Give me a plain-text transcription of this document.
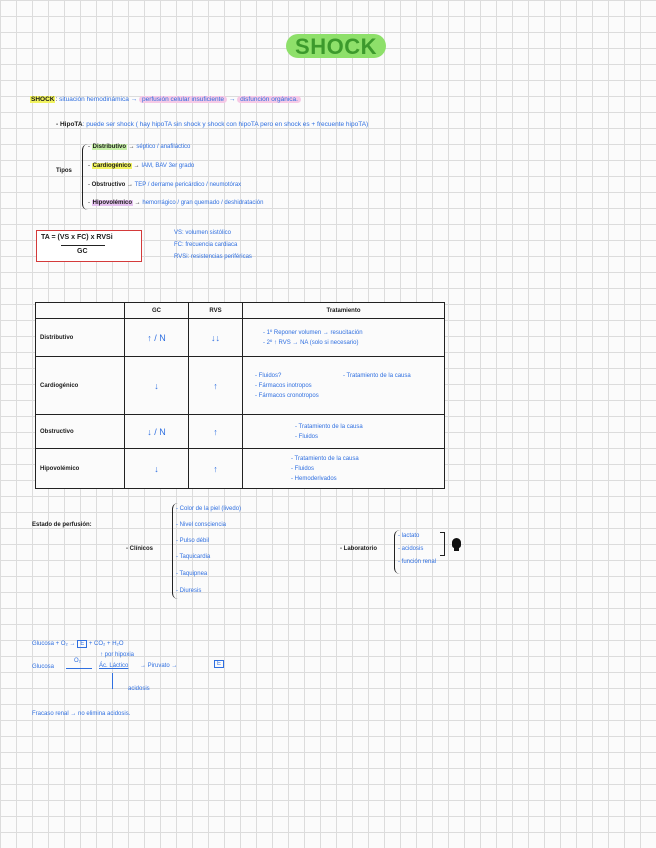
SHOCK
SHOCK: situación hemodinámica → perfusión celular insuficiente → disfunción orgánica.
- HipoTA: puede ser shock ( hay hipoTA sin shock y shock con hipoTA pero en shock es + frecuente hipoTA)
Tipos
- Distributivo → séptico / anafiláctico
- Cardiogénico → IAM, BAV 3er grado
- Obstructivo → TEP / derrame pericárdico / neumotórax
- Hipovolémico → hemorrágico / gran quemado / deshidratación
TA = (VS x FC) x RVSi
GC
VS: volumen sistólico
FC: frecuencia cardiaca
RVSi: resistencias periféricas
	GC	RVS	Tratamiento
Distributivo	↑ / N	↓↓	- 1º Reponer volumen → resucitación
- 2º ↑ RVS → NA (solo si necesario)

Cardiogénico	↓	↑	- Fluidos?
- Fármacos inotropos
- Fármacos cronotropos
- Tratamiento de la causa

Obstructivo	↓ / N	↑	- Tratamiento de la causa
- Fluidos

Hipovolémico	↓	↑	- Tratamiento de la causa
- Fluidos
- Hemoderivados
Estado de perfusión:
- Clínicos
- Color de la piel (livedo)
- Nivel consciencia
- Pulso débil
- Taquicardia
- Taquipnea
- Diuresis
- Laboratorio
- lactato
- acidosis
- función renal
Glucosa + O₂ → E + CO₂ + H₂O
↑ por hipoxia
Glucosa
O₂
Ác. Láctico → Piruvato →	E
acidosis
Fracaso renal → no elimina acidosis.
